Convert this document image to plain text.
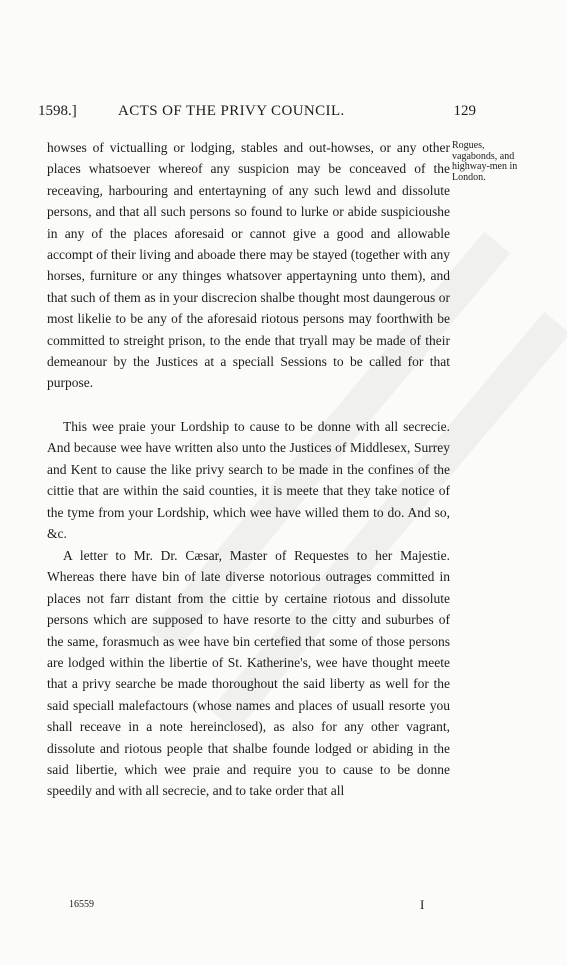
1598.]	ACTS OF THE PRIVY COUNCIL.	129
Rogues, vagabonds, and highway-men in London.

howses of victualling or lodging, stables and out-howses, or any other places whatsoever whereof any suspicion may be conceaved of the receaving, harbouring and entertayning of any such lewd and dissolute persons, and that all such persons so found to lurke or abide suspicioushe in any of the places aforesaid or cannot give a good and allowable accompt of their living and aboade there may be stayed (together with any horses, furniture or any thinges whatsover appertayning unto them), and that such of them as in your discrecion shalbe thought most daungerous or most likelie to be any of the aforesaid riotous persons may foorthwith be committed to streight prison, to the ende that tryall may be made of their demeanour by the Justices at a speciall Sessions to be called for that purpose.

This wee praie your Lordship to cause to be donne with all secrecie. And because wee have written also unto the Justices of Middlesex, Surrey and Kent to cause the like privy search to be made in the confines of the cittie that are within the said counties, it is meete that they take notice of the tyme from your Lordship, which wee have willed them to do. And so, &c.

A letter to Mr. Dr. Cæsar, Master of Requestes to her Majestie. Whereas there have bin of late diverse notorious outrages committed in places not farr distant from the cittie by certaine riotous and dissolute persons which are supposed to have resorte to the citty and suburbes of the same, forasmuch as wee have bin certefied that some of those persons are lodged within the libertie of St. Katherine's, wee have thought meete that a privy searche be made thoroughout the said liberty as well for the said speciall malefactours (whose names and places of usuall resorte you shall receave in a note hereinclosed), as also for any other vagrant, dissolute and riotous people that shalbe founde lodged or abiding in the said libertie, which wee praie and require you to cause to be donne speedily and with all secrecie, and to take order that all

16559	I
